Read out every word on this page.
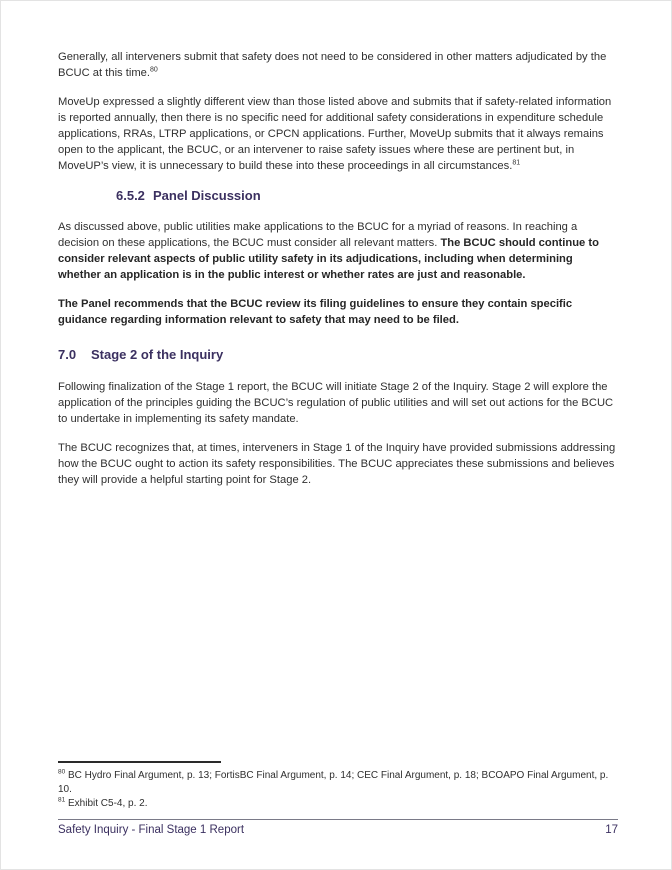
Generally, all interveners submit that safety does not need to be considered in other matters adjudicated by the BCUC at this time.$^{80}$

MoveUp expressed a slightly different view than those listed above and submits that if safety-related information is reported annually, then there is no specific need for additional safety considerations in expenditure schedule applications, RRAs, LTRP applications, or CPCN applications. Further, MoveUp submits that it always remains open to the applicant, the BCUC, or an intervener to raise safety issues where these are pertinent but, in MoveUP’s view, it is unnecessary to build these into these proceedings in all circumstances.$^{81}$

6.5.2 Panel Discussion

As discussed above, public utilities make applications to the BCUC for a myriad of reasons. In reaching a decision on these applications, the BCUC must consider all relevant matters. The BCUC should continue to consider relevant aspects of public utility safety in its adjudications, including when determining whether an application is in the public interest or whether rates are just and reasonable.

The Panel recommends that the BCUC review its filing guidelines to ensure they contain specific guidance regarding information relevant to safety that may need to be filed.

7.0 Stage 2 of the Inquiry

Following finalization of the Stage 1 report, the BCUC will initiate Stage 2 of the Inquiry. Stage 2 will explore the application of the principles guiding the BCUC’s regulation of public utilities and will set out actions for the BCUC to undertake in implementing its safety mandate.

The BCUC recognizes that, at times, interveners in Stage 1 of the Inquiry have provided submissions addressing how the BCUC ought to action its safety responsibilities. The BCUC appreciates these submissions and believes they will provide a helpful starting point for Stage 2.

$^{80}$ BC Hydro Final Argument, p. 13; FortisBC Final Argument, p. 14; CEC Final Argument, p. 18; BCOAPO Final Argument, p. 10.

$^{81}$ Exhibit C5-4, p. 2.

Safety Inquiry - Final Stage 1 Report	17
